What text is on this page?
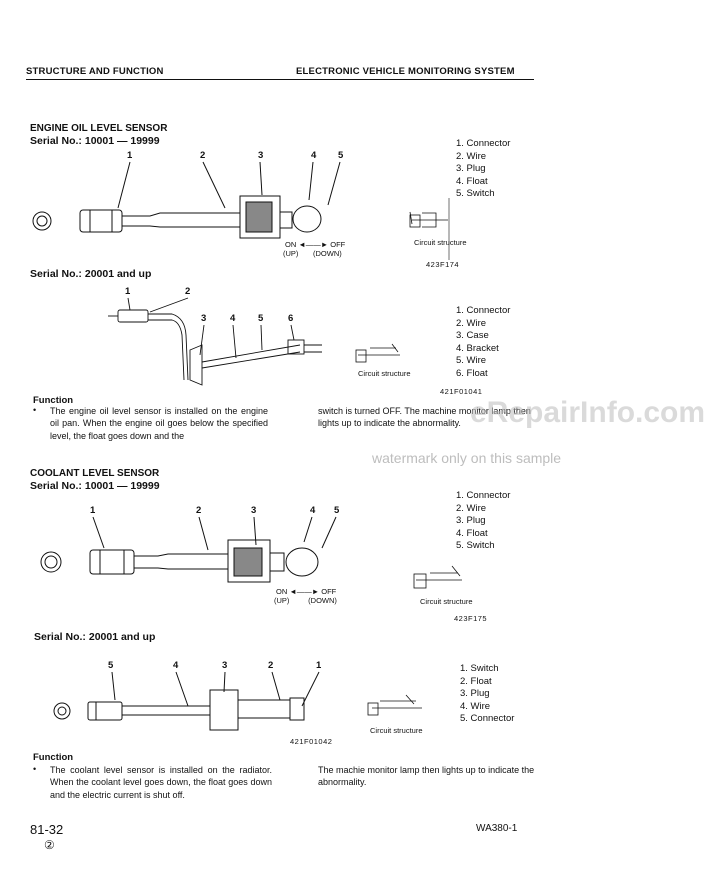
STRUCTURE AND FUNCTION	ELECTRONIC VEHICLE MONITORING SYSTEM
ENGINE OIL LEVEL SENSOR
Serial No.: 10001 — 19999	1. Connector
2. Wire
3. Plug
4. Float
5. Switch
1	2	3	4 5
ON ◄——► OFF
(UP)       (DOWN)
Circuit structure
423F174
Serial No.: 20001 and up
1. Connector
2. Wire
3. Case
4. Bracket
5. Wire
6. Float
1	2
3 4 5	6
Circuit structure
421F01041
Function
• The engine oil level sensor is installed on the engine oil pan. When the engine oil goes below the specified level, the float goes down and the
switch is turned OFF. The machine monitor lamp then lights up to indicate the abnormality. eRepairInfo.com
watermark only on this sample
COOLANT LEVEL SENSOR
Serial No.: 10001 — 19999
1. Connector
2. Wire
3. Plug
4. Float
5. Switch
1	2	3	4 5
ON ◄——► OFF
(UP)         (DOWN)	Circuit structure
423F175
Serial No.: 20001 and up
1. Switch
2. Float
3. Plug
4. Wire
5. Connector
5	4	3	2	1
421F01042
Circuit structure
Function
• The coolant level sensor is installed on the radiator. When the coolant level goes down, the float goes down and the electric current is shut off.
The machie monitor lamp then lights up to indicate the abnormality.
81-32
②
WA380-1
